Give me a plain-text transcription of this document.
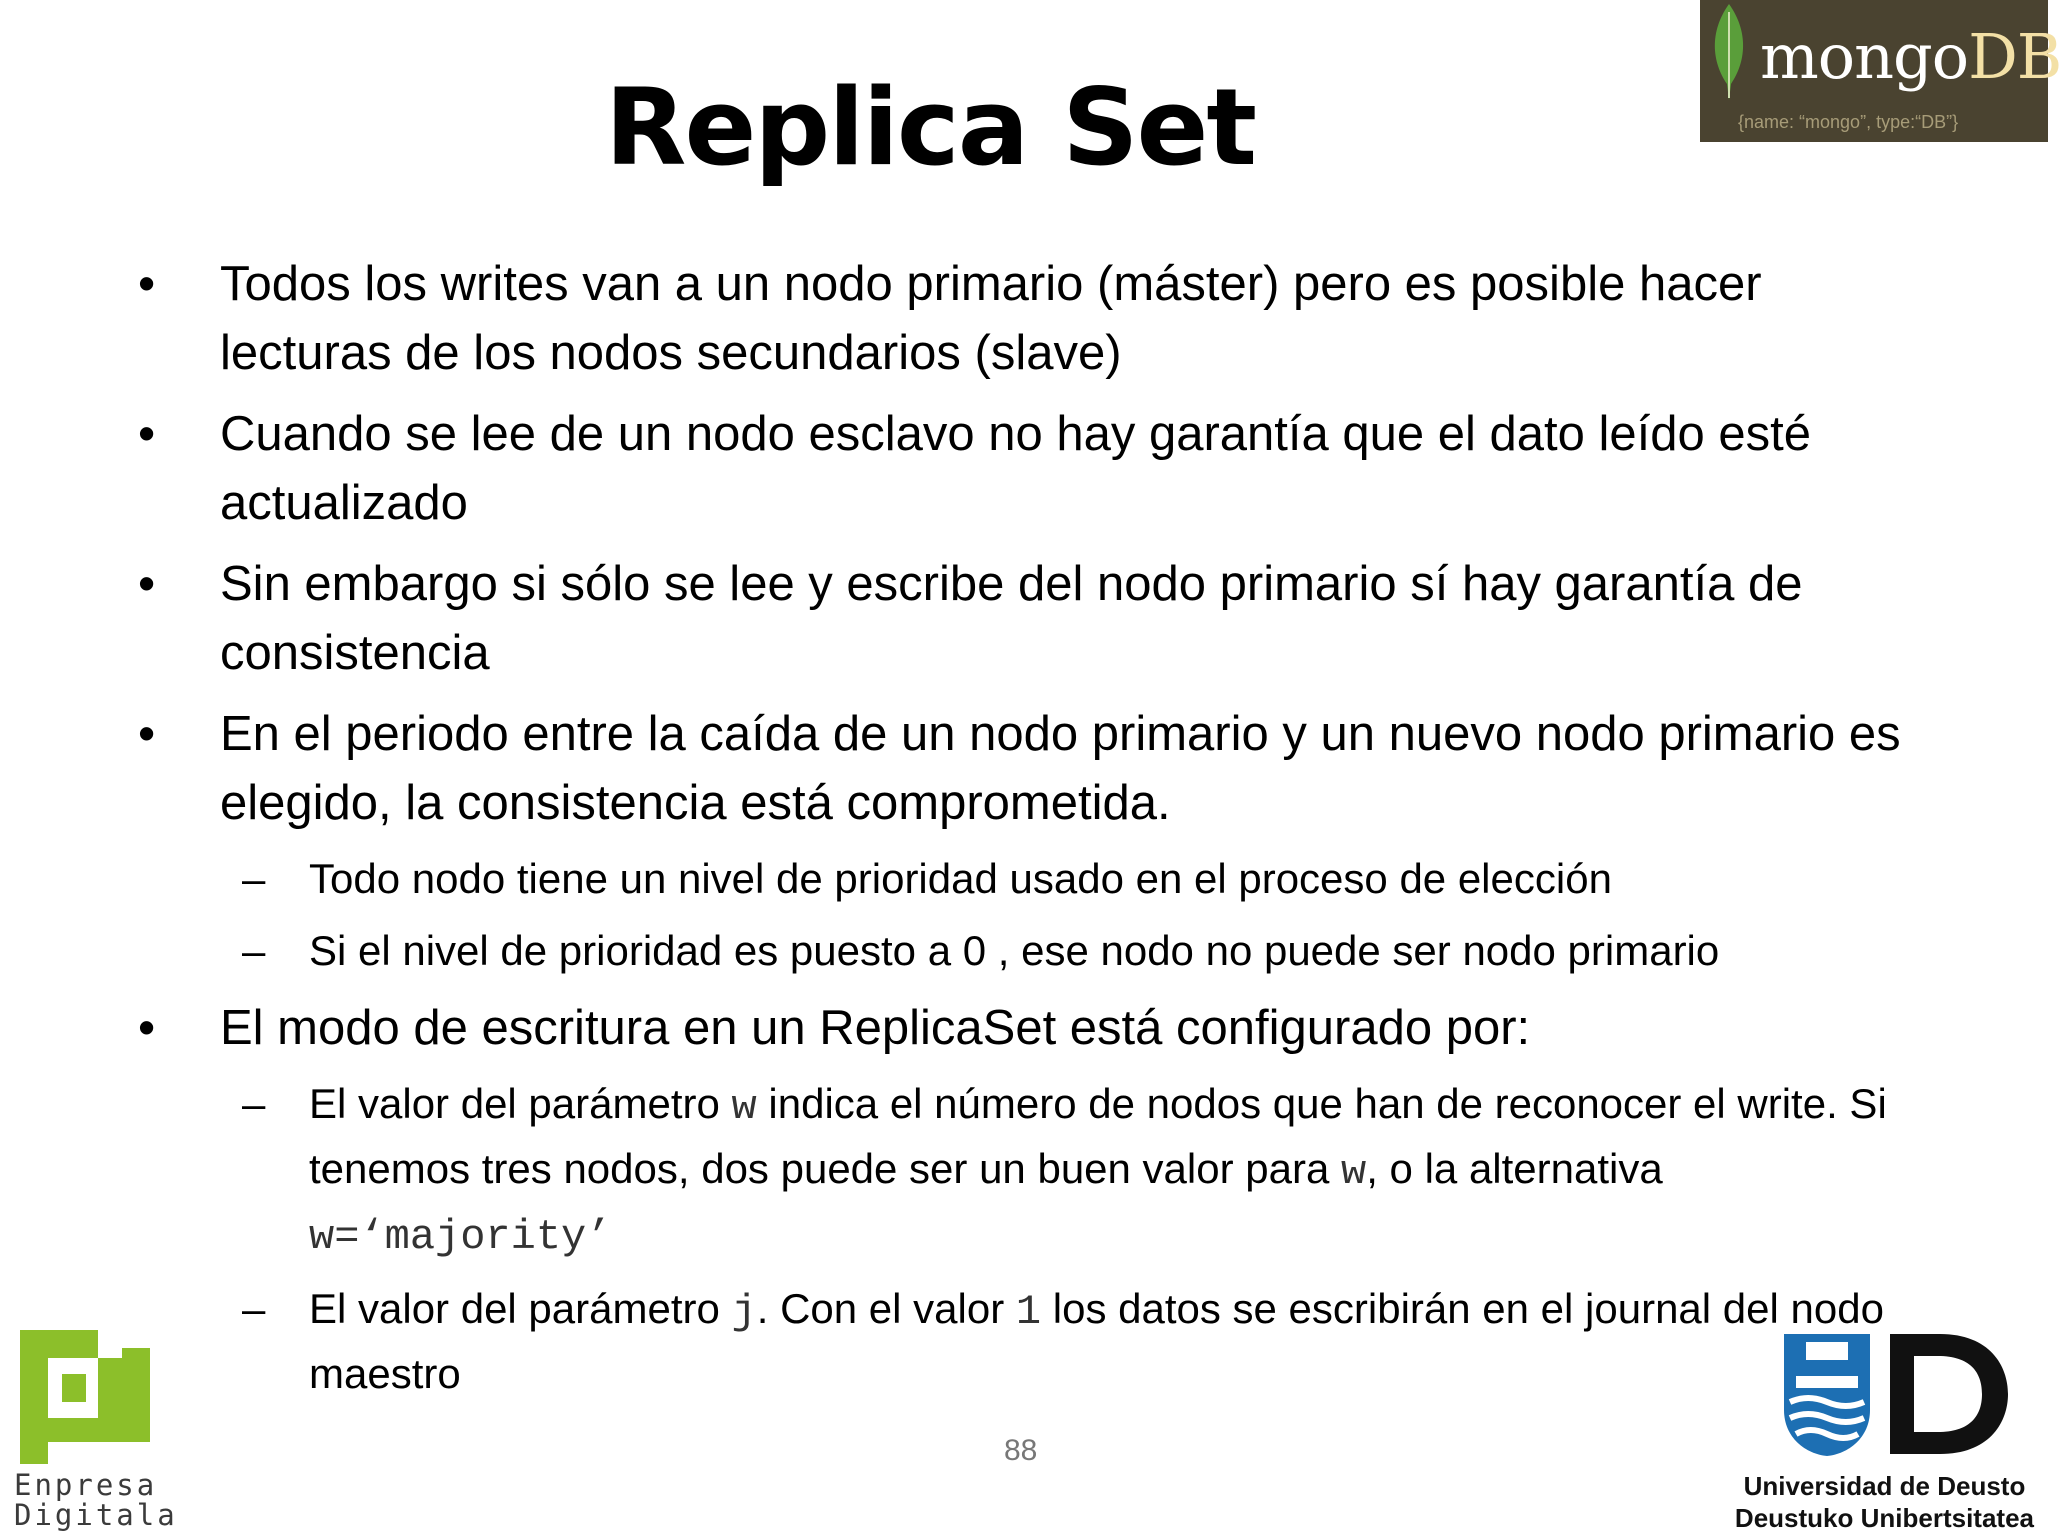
Replica Set
mongoDB
{name: “mongo”, type:“DB”}
• Todos los writes van a un nodo primario (máster) pero es posible hacer lecturas de los nodos secundarios (slave)
• Cuando se lee de un nodo esclavo no hay garantía que el dato leído esté actualizado
• Sin embargo si sólo se lee y escribe del nodo primario sí hay garantía de consistencia
• En el periodo entre la caída de un nodo primario y un nuevo nodo primario es elegido, la consistencia está comprometida.
– Todo nodo tiene un nivel de prioridad usado en el proceso de elección
– Si el nivel de prioridad es puesto a 0 , ese nodo no puede ser nodo primario
• El modo de escritura en un ReplicaSet está configurado por:
– El valor del parámetro w indica el número de nodos que han de reconocer el write. Si tenemos tres nodos, dos puede ser un buen valor para w, o la alternativa w=‘majority’
– El valor del parámetro j. Con el valor 1 los datos se escribirán en el journal del nodo maestro
88
Enpresa
Digitala
Universidad de Deusto
Deustuko Unibertsitatea
